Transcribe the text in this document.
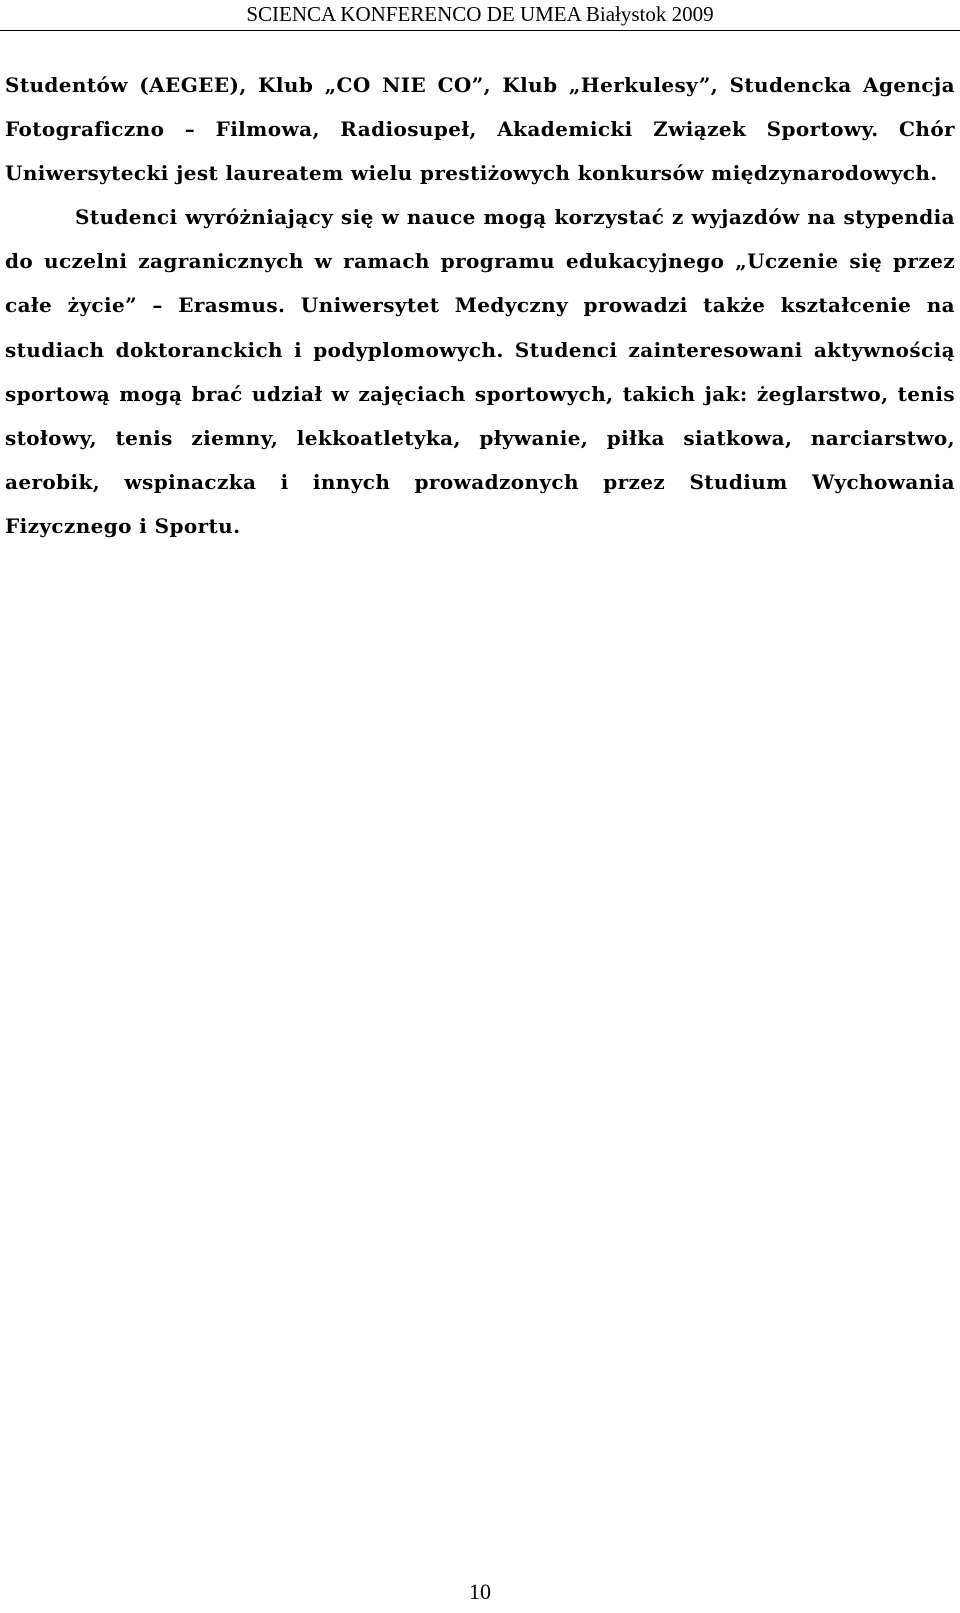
SCIENCA KONFERENCO DE UMEA Białystok 2009

Studentów (AEGEE), Klub „CO NIE CO”, Klub „Herkulesy”, Studencka Agencja Fotograficzno – Filmowa, Radiosupeł, Akademicki Związek Sportowy. Chór Uniwersytecki jest laureatem wielu prestiżowych konkursów międzynarodowych.

Studenci wyróżniający się w nauce mogą korzystać z wyjazdów na stypendia do uczelni zagranicznych w ramach programu edukacyjnego „Uczenie się przez całe życie” – Erasmus. Uniwersytet Medyczny prowadzi także kształcenie na studiach doktoranckich i podyplomowych. Studenci zainteresowani aktywnością sportową mogą brać udział w zajęciach sportowych, takich jak: żeglarstwo, tenis stołowy, tenis ziemny, lekkoatletyka, pływanie, piłka siatkowa, narciarstwo, aerobik, wspinaczka i innych prowadzonych przez Studium Wychowania Fizycznego i Sportu.

10
